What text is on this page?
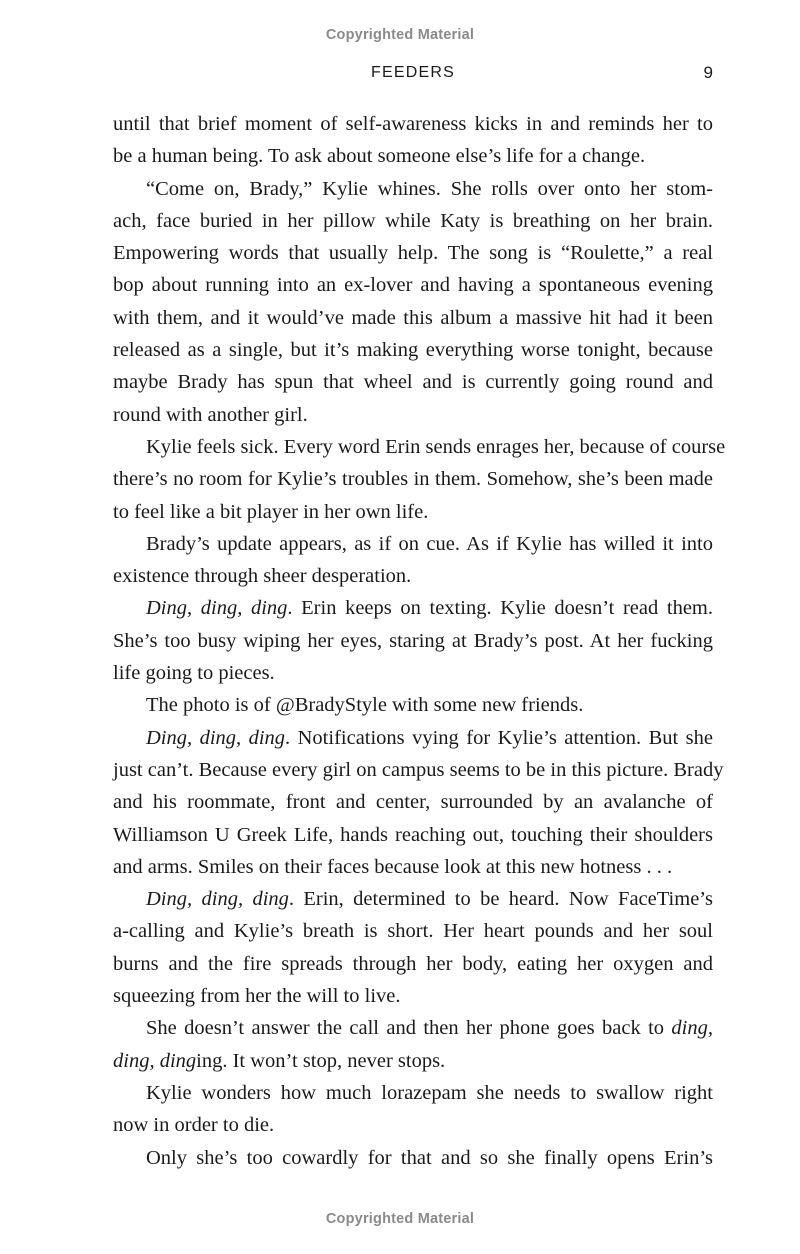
Copyrighted Material
FEEDERS	9
until that brief moment of self-awareness kicks in and reminds her to
be a human being. To ask about someone else’s life for a change.
“Come on, Brady,” Kylie whines. She rolls over onto her stom-
ach, face buried in her pillow while Katy is breathing on her brain.
Empowering words that usually help. The song is “Roulette,” a real
bop about running into an ex-lover and having a spontaneous evening
with them, and it would’ve made this album a massive hit had it been
released as a single, but it’s making everything worse tonight, because
maybe Brady has spun that wheel and is currently going round and
round with another girl.
Kylie feels sick. Every word Erin sends enrages her, because of course
there’s no room for Kylie’s troubles in them. Somehow, she’s been made
to feel like a bit player in her own life.
Brady’s update appears, as if on cue. As if Kylie has willed it into
existence through sheer desperation.
Ding, ding, ding. Erin keeps on texting. Kylie doesn’t read them.
She’s too busy wiping her eyes, staring at Brady’s post. At her fucking
life going to pieces.
The photo is of @BradyStyle with some new friends.
Ding, ding, ding. Notifications vying for Kylie’s attention. But she
just can’t. Because every girl on campus seems to be in this picture. Brady
and his roommate, front and center, surrounded by an avalanche of
Williamson U Greek Life, hands reaching out, touching their shoulders
and arms. Smiles on their faces because look at this new hotness . . .
Ding, ding, ding. Erin, determined to be heard. Now FaceTime’s
a-calling and Kylie’s breath is short. Her heart pounds and her soul
burns and the fire spreads through her body, eating her oxygen and
squeezing from her the will to live.
She doesn’t answer the call and then her phone goes back to ding,
ding, dinging. It won’t stop, never stops.
Kylie wonders how much lorazepam she needs to swallow right
now in order to die.
Only she’s too cowardly for that and so she finally opens Erin’s
Copyrighted Material
